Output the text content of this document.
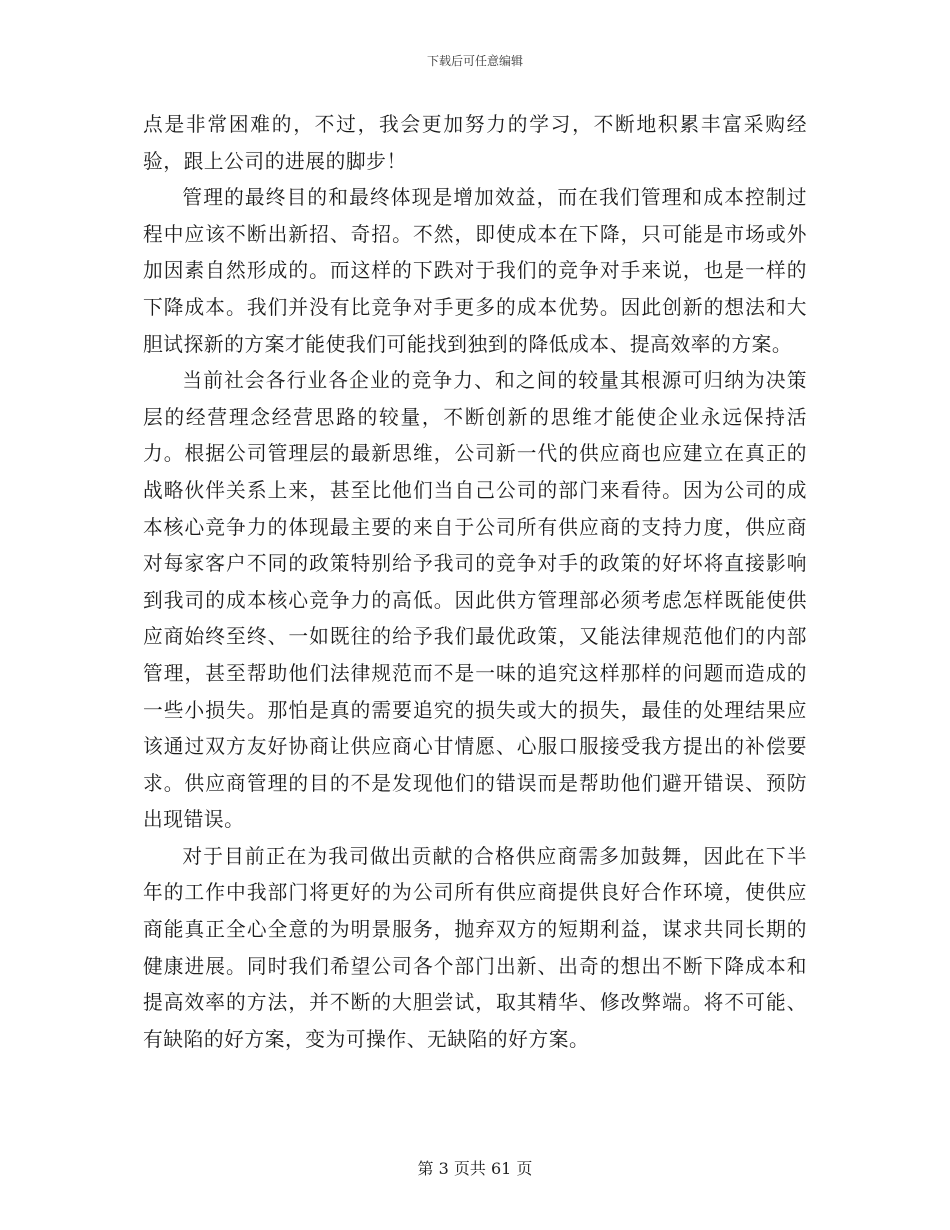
下载后可任意编辑

点是非常困难的，不过，我会更加努力的学习，不断地积累丰富采购经验，跟上公司的进展的脚步！

管理的最终目的和最终体现是增加效益，而在我们管理和成本控制过程中应该不断出新招、奇招。不然，即使成本在下降，只可能是市场或外加因素自然形成的。而这样的下跌对于我们的竞争对手来说，也是一样的下降成本。我们并没有比竞争对手更多的成本优势。因此创新的想法和大胆试探新的方案才能使我们可能找到独到的降低成本、提高效率的方案。

当前社会各行业各企业的竞争力、和之间的较量其根源可归纳为决策层的经营理念经营思路的较量，不断创新的思维才能使企业永远保持活力。根据公司管理层的最新思维，公司新一代的供应商也应建立在真正的战略伙伴关系上来，甚至比他们当自己公司的部门来看待。因为公司的成本核心竞争力的体现最主要的来自于公司所有供应商的支持力度，供应商对每家客户不同的政策特别给予我司的竞争对手的政策的好坏将直接影响到我司的成本核心竞争力的高低。因此供方管理部必须考虑怎样既能使供应商始终至终、一如既往的给予我们最优政策，又能法律规范他们的内部管理，甚至帮助他们法律规范而不是一味的追究这样那样的问题而造成的一些小损失。那怕是真的需要追究的损失或大的损失，最佳的处理结果应该通过双方友好协商让供应商心甘情愿、心服口服接受我方提出的补偿要求。供应商管理的目的不是发现他们的错误而是帮助他们避开错误、预防出现错误。

对于目前正在为我司做出贡献的合格供应商需多加鼓舞，因此在下半年的工作中我部门将更好的为公司所有供应商提供良好合作环境，使供应商能真正全心全意的为明景服务，抛弃双方的短期利益，谋求共同长期的健康进展。同时我们希望公司各个部门出新、出奇的想出不断下降成本和提高效率的方法，并不断的大胆尝试，取其精华、修改弊端。将不可能、有缺陷的好方案，变为可操作、无缺陷的好方案。

第 3 页共 61 页
